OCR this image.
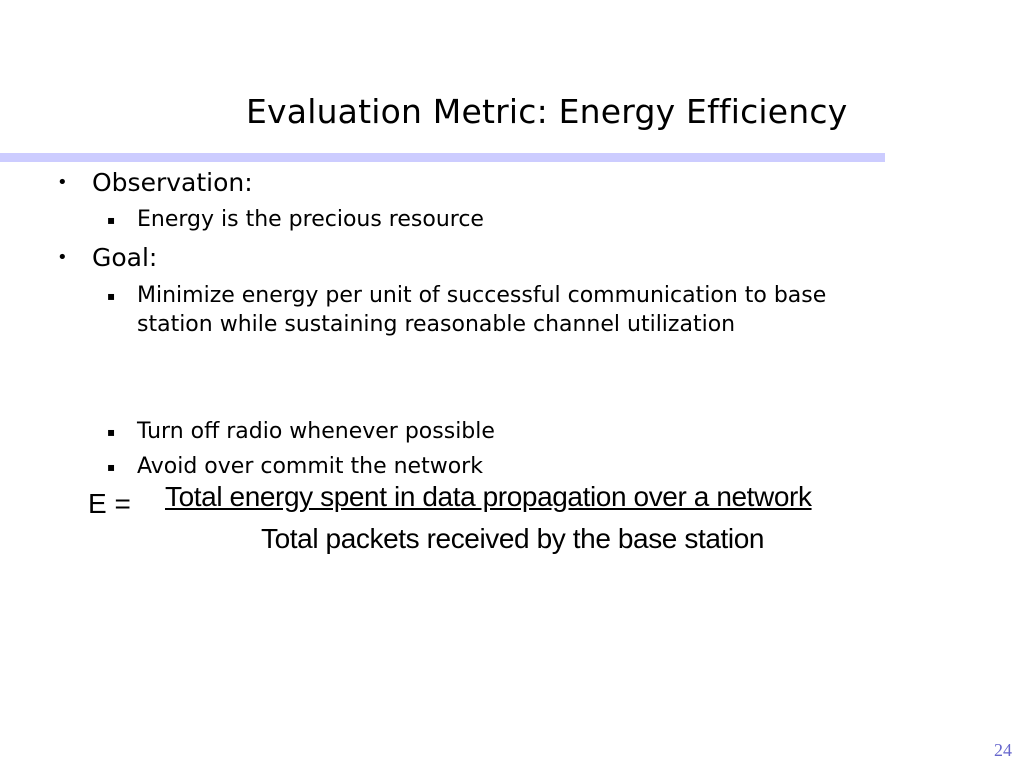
Evaluation Metric: Energy Efficiency
• Observation:
▪ Energy is the precious resource
• Goal:
▪ Minimize energy per unit of successful communication to base
station while sustaining reasonable channel utilization
▪ Turn off radio whenever possible
▪ Avoid over commit the network
E = Total energy spent in data propagation over a network
Total packets received by the base station
24
